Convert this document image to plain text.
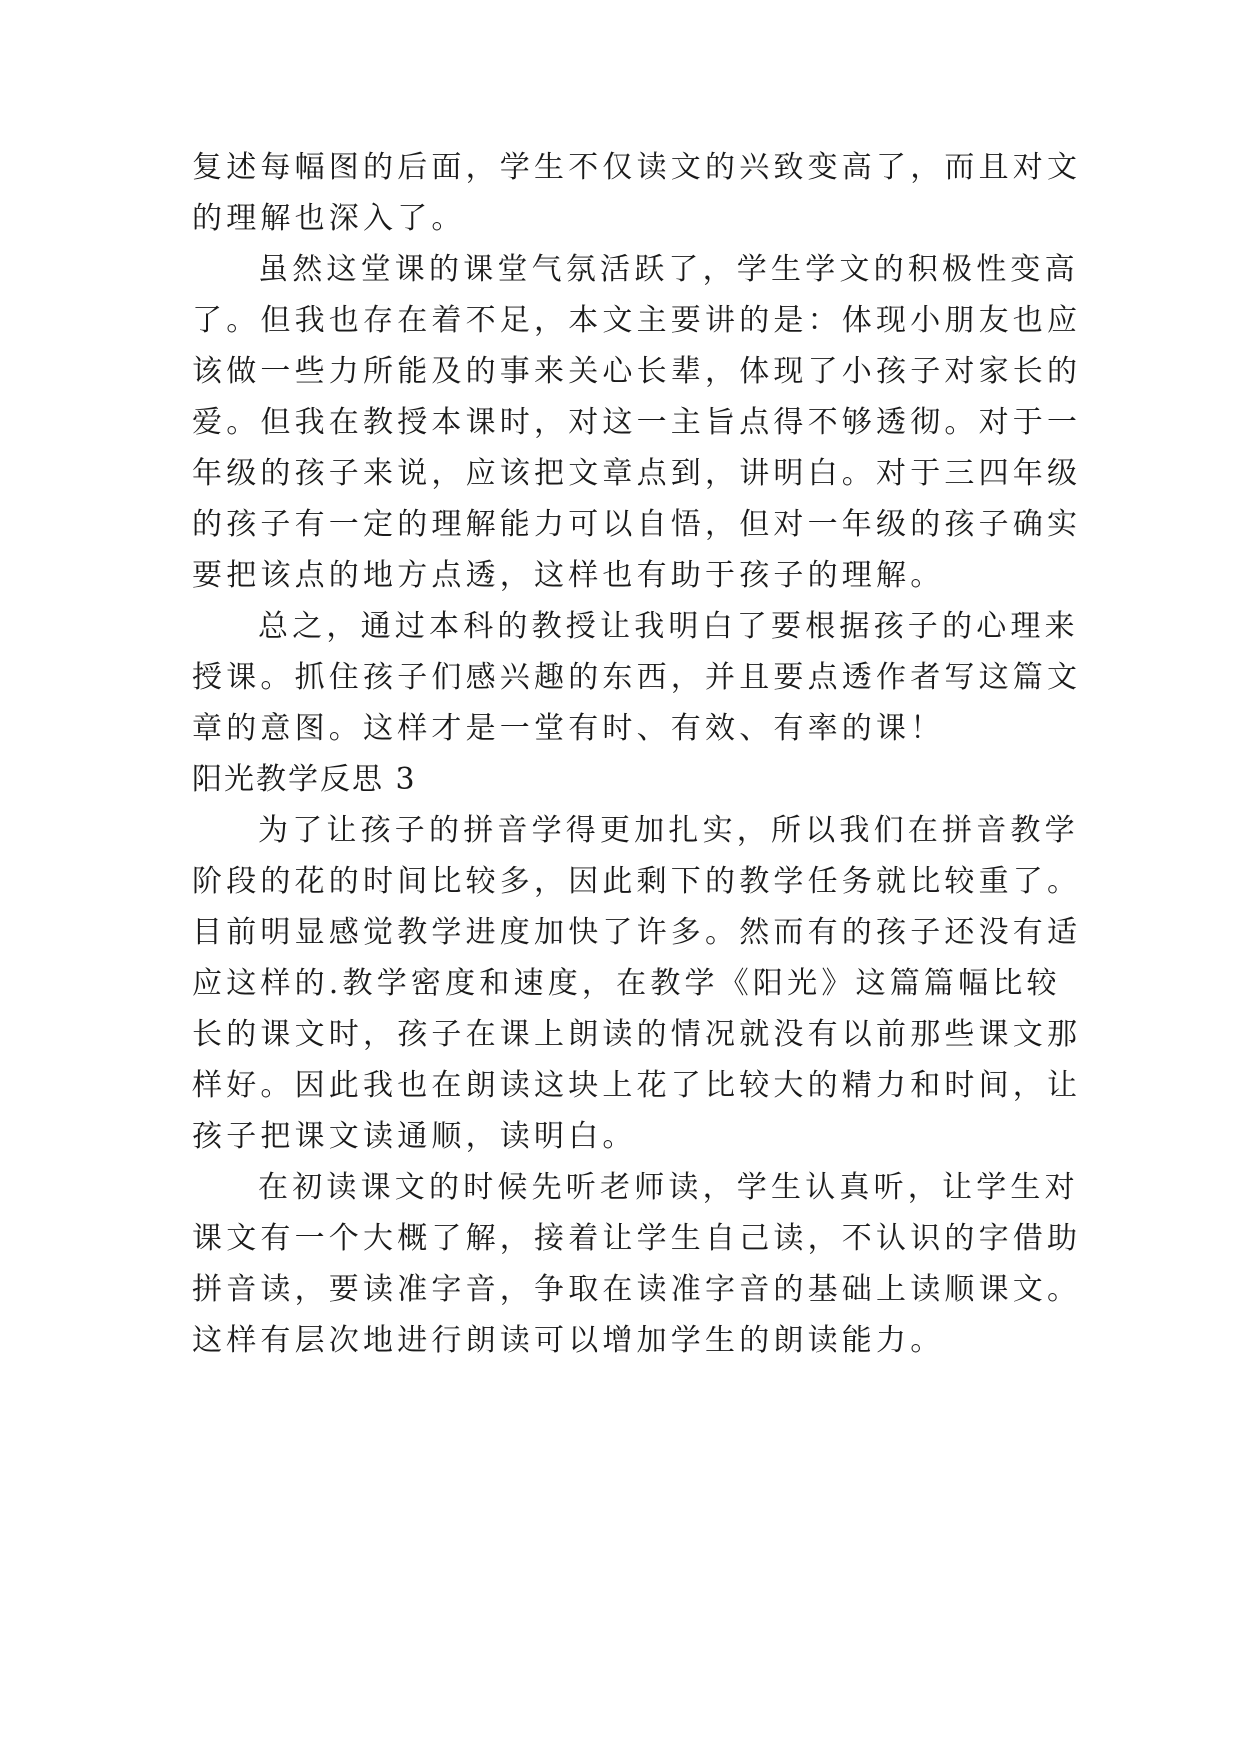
复述每幅图的后面，学生不仅读文的兴致变高了，而且对文
的理解也深入了。
虽然这堂课的课堂气氛活跃了，学生学文的积极性变高
了。但我也存在着不足，本文主要讲的是：体现小朋友也应
该做一些力所能及的事来关心长辈，体现了小孩子对家长的
爱。但我在教授本课时，对这一主旨点得不够透彻。对于一
年级的孩子来说，应该把文章点到，讲明白。对于三四年级
的孩子有一定的理解能力可以自悟，但对一年级的孩子确实
要把该点的地方点透，这样也有助于孩子的理解。
总之，通过本科的教授让我明白了要根据孩子的心理来
授课。抓住孩子们感兴趣的东西，并且要点透作者写这篇文
章的意图。这样才是一堂有时、有效、有率的课！
阳光教学反思 3
为了让孩子的拼音学得更加扎实，所以我们在拼音教学
阶段的花的时间比较多，因此剩下的教学任务就比较重了。
目前明显感觉教学进度加快了许多。然而有的孩子还没有适
应这样的.教学密度和速度，在教学《阳光》这篇篇幅比较
长的课文时，孩子在课上朗读的情况就没有以前那些课文那
样好。因此我也在朗读这块上花了比较大的精力和时间，让
孩子把课文读通顺，读明白。
在初读课文的时候先听老师读，学生认真听，让学生对
课文有一个大概了解，接着让学生自己读，不认识的字借助
拼音读，要读准字音，争取在读准字音的基础上读顺课文。
这样有层次地进行朗读可以增加学生的朗读能力。
